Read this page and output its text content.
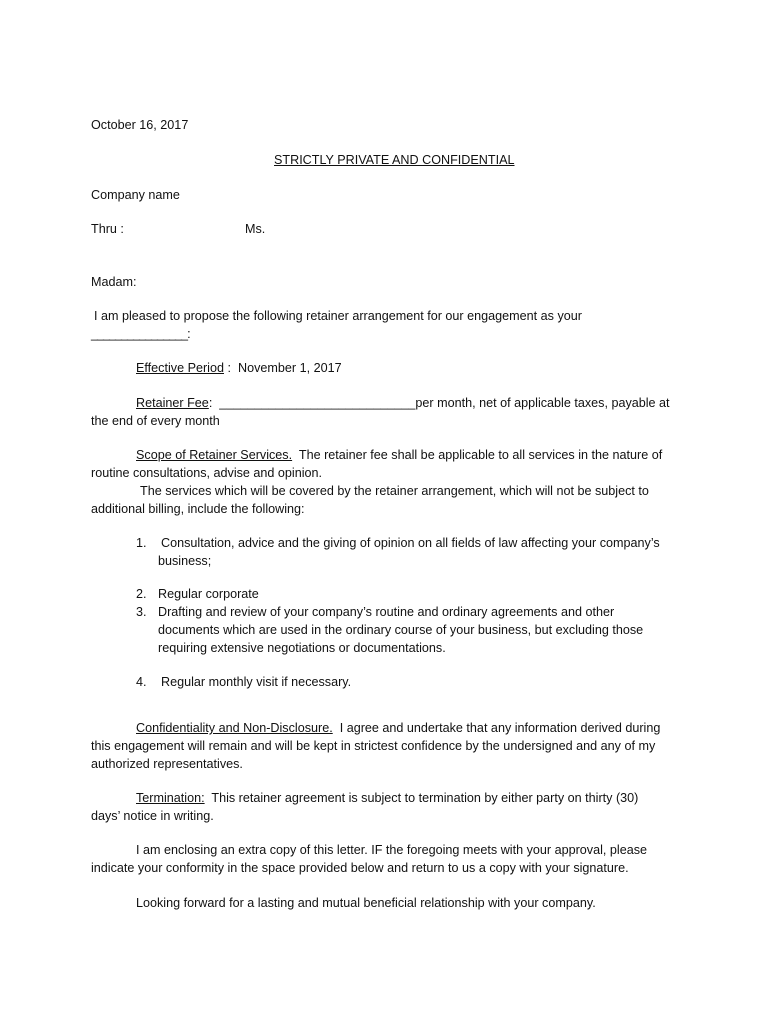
October 16, 2017
STRICTLY PRIVATE AND CONFIDENTIAL
Company name
Thru :	Ms.
Madam:
I am pleased to propose the following retainer arrangement for our engagement as your
________________:
Effective Period :  November 1, 2017
Retainer Fee:  ____________________________per month, net of applicable taxes, payable at
the end of every month
Scope of Retainer Services.  The retainer fee shall be applicable to all services in the nature of
routine consultations, advise and opinion.
The services which will be covered by the retainer arrangement, which will not be subject to
additional billing, include the following:
1. Consultation, advice and the giving of opinion on all fields of law affecting your company’s
business;
2. Regular corporate
3. Drafting and review of your company’s routine and ordinary agreements and other
documents which are used in the ordinary course of your business, but excluding those
requiring extensive negotiations or documentations.
4. Regular monthly visit if necessary.
Confidentiality and Non-Disclosure.  I agree and undertake that any information derived during
this engagement will remain and will be kept in strictest confidence by the undersigned and any of my
authorized representatives.
Termination:  This retainer agreement is subject to termination by either party on thirty (30)
days’ notice in writing.
I am enclosing an extra copy of this letter. IF the foregoing meets with your approval, please
indicate your conformity in the space provided below and return to us a copy with your signature.
Looking forward for a lasting and mutual beneficial relationship with your company.
